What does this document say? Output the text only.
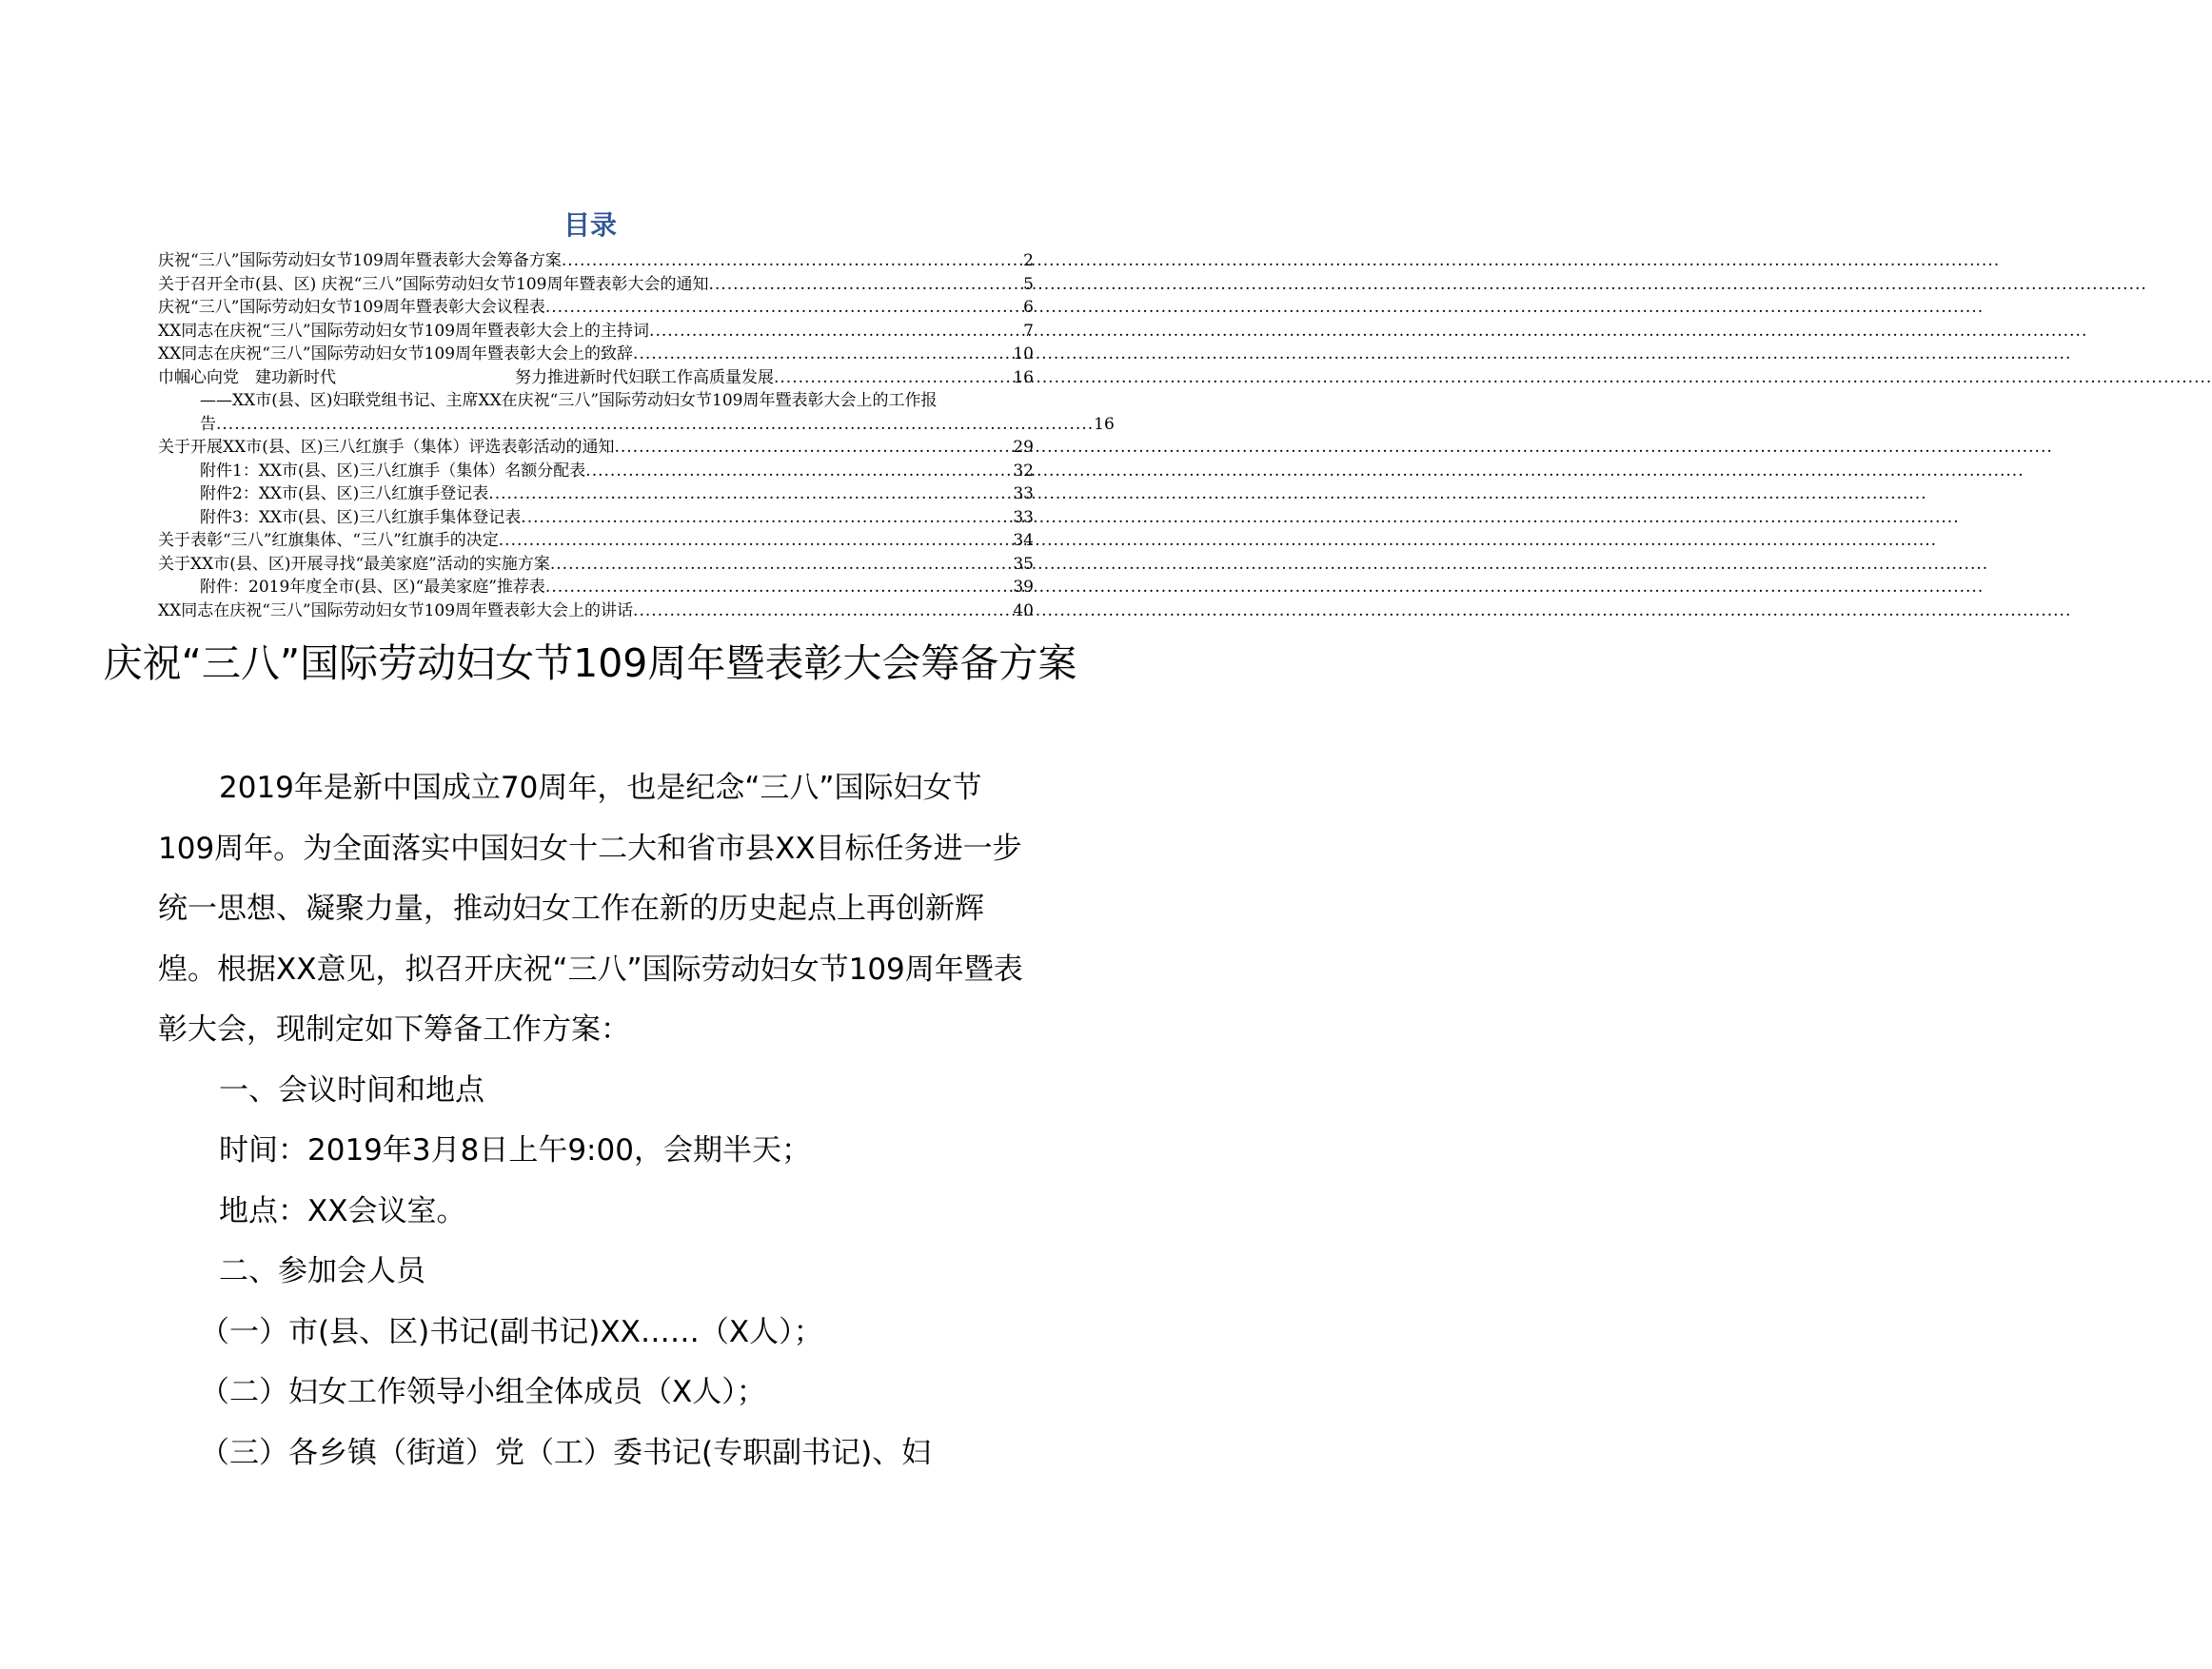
目录
庆祝“三八”国际劳动妇女节109周年暨表彰大会筹备方案 .....	2
关于召开全市(县、区) 庆祝“三八”国际劳动妇女节109周年暨表彰大会的通知 .....	5
庆祝“三八”国际劳动妇女节109周年暨表彰大会议程表 .....	6
XX同志在庆祝“三八”国际劳动妇女节109周年暨表彰大会上的主持词 .....	7
XX同志在庆祝“三八”国际劳动妇女节109周年暨表彰大会上的致辞 .....	10
巾帼心向党　建功新时代	努力推进新时代妇联工作高质量发展 .....	16
——XX市(县、区)妇联党组书记、主席XX在庆祝“三八”国际劳动妇女节109周年暨表彰大会上的工作报告................................................................................................................................................16
关于开展XX市(县、区)三八红旗手（集体）评选表彰活动的通知 .....	29
附件1：XX市(县、区)三八红旗手（集体）名额分配表 .....	32
附件2：XX市(县、区)三八红旗手登记表 .....	33
附件3：XX市(县、区)三八红旗手集体登记表 .....	33
关于表彰“三八”红旗集体、“三八”红旗手的决定 .....	34
关于XX市(县、区)开展寻找“最美家庭”活动的实施方案 .....	35
附件：2019年度全市(县、区)“最美家庭”推荐表 .....	39
XX同志在庆祝“三八”国际劳动妇女节109周年暨表彰大会上的讲话 .....	40
庆祝“三八”国际劳动妇女节109周年暨表彰大会筹备方案

2019年是新中国成立70周年，也是纪念“三八”国际妇女节109周年。为全面落实中国妇女十二大和省市县XX目标任务进一步统一思想、凝聚力量，推动妇女工作在新的历史起点上再创新辉煌。根据XX意见，拟召开庆祝“三八”国际劳动妇女节109周年暨表彰大会，现制定如下筹备工作方案：

一、会议时间和地点

时间：2019年3月8日上午9:00，会期半天；

地点：XX会议室。

二、参加会人员

（一）市(县、区)书记(副书记)XX……（X人）；

（二）妇女工作领导小组全体成员（X人）；

（三）各乡镇（街道）党（工）委书记(专职副书记)、妇
